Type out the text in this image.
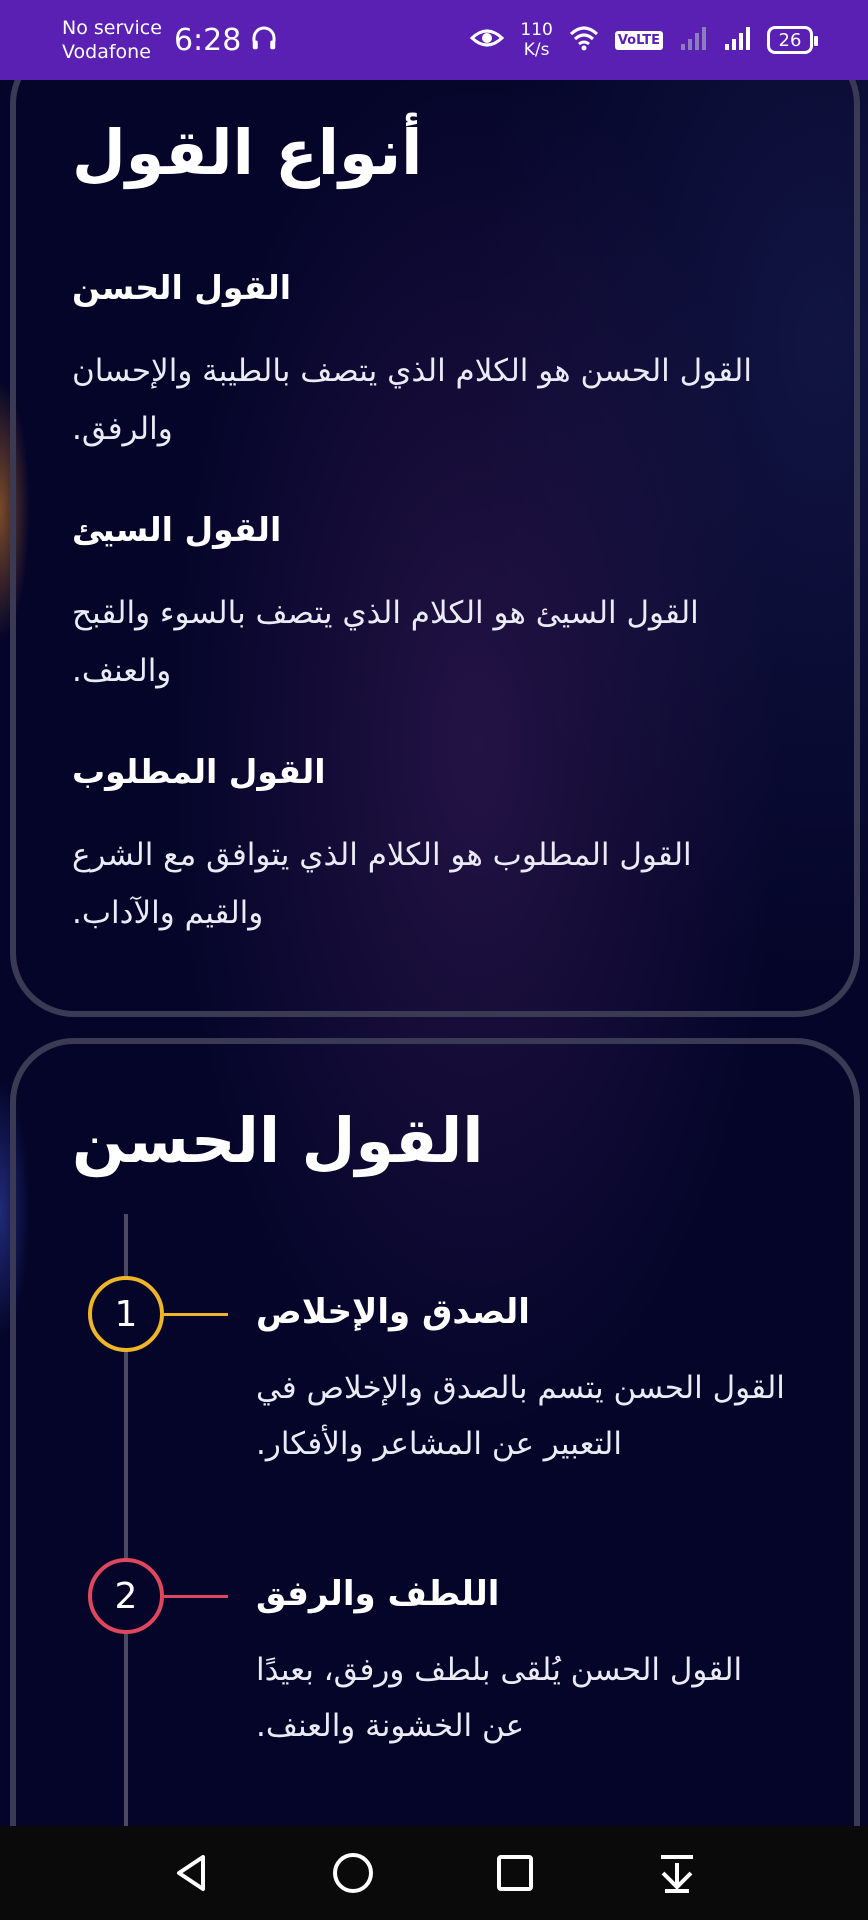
No service
Vodafone 6:28	110
K/s	VoLTE	26
أنواع القول
القول الحسن
القول الحسن هو الكلام الذي يتصف بالطيبة والإحسان والرفق.
القول السيئ
القول السيئ هو الكلام الذي يتصف بالسوء والقبح والعنف.
القول المطلوب
القول المطلوب هو الكلام الذي يتوافق مع الشرع والقيم والآداب.
القول الحسن
1	الصدق والإخلاص
القول الحسن يتسم بالصدق والإخلاص في التعبير عن المشاعر والأفكار.
2	اللطف والرفق
القول الحسن يُلقى بلطف ورفق، بعيدًا عن الخشونة والعنف.
